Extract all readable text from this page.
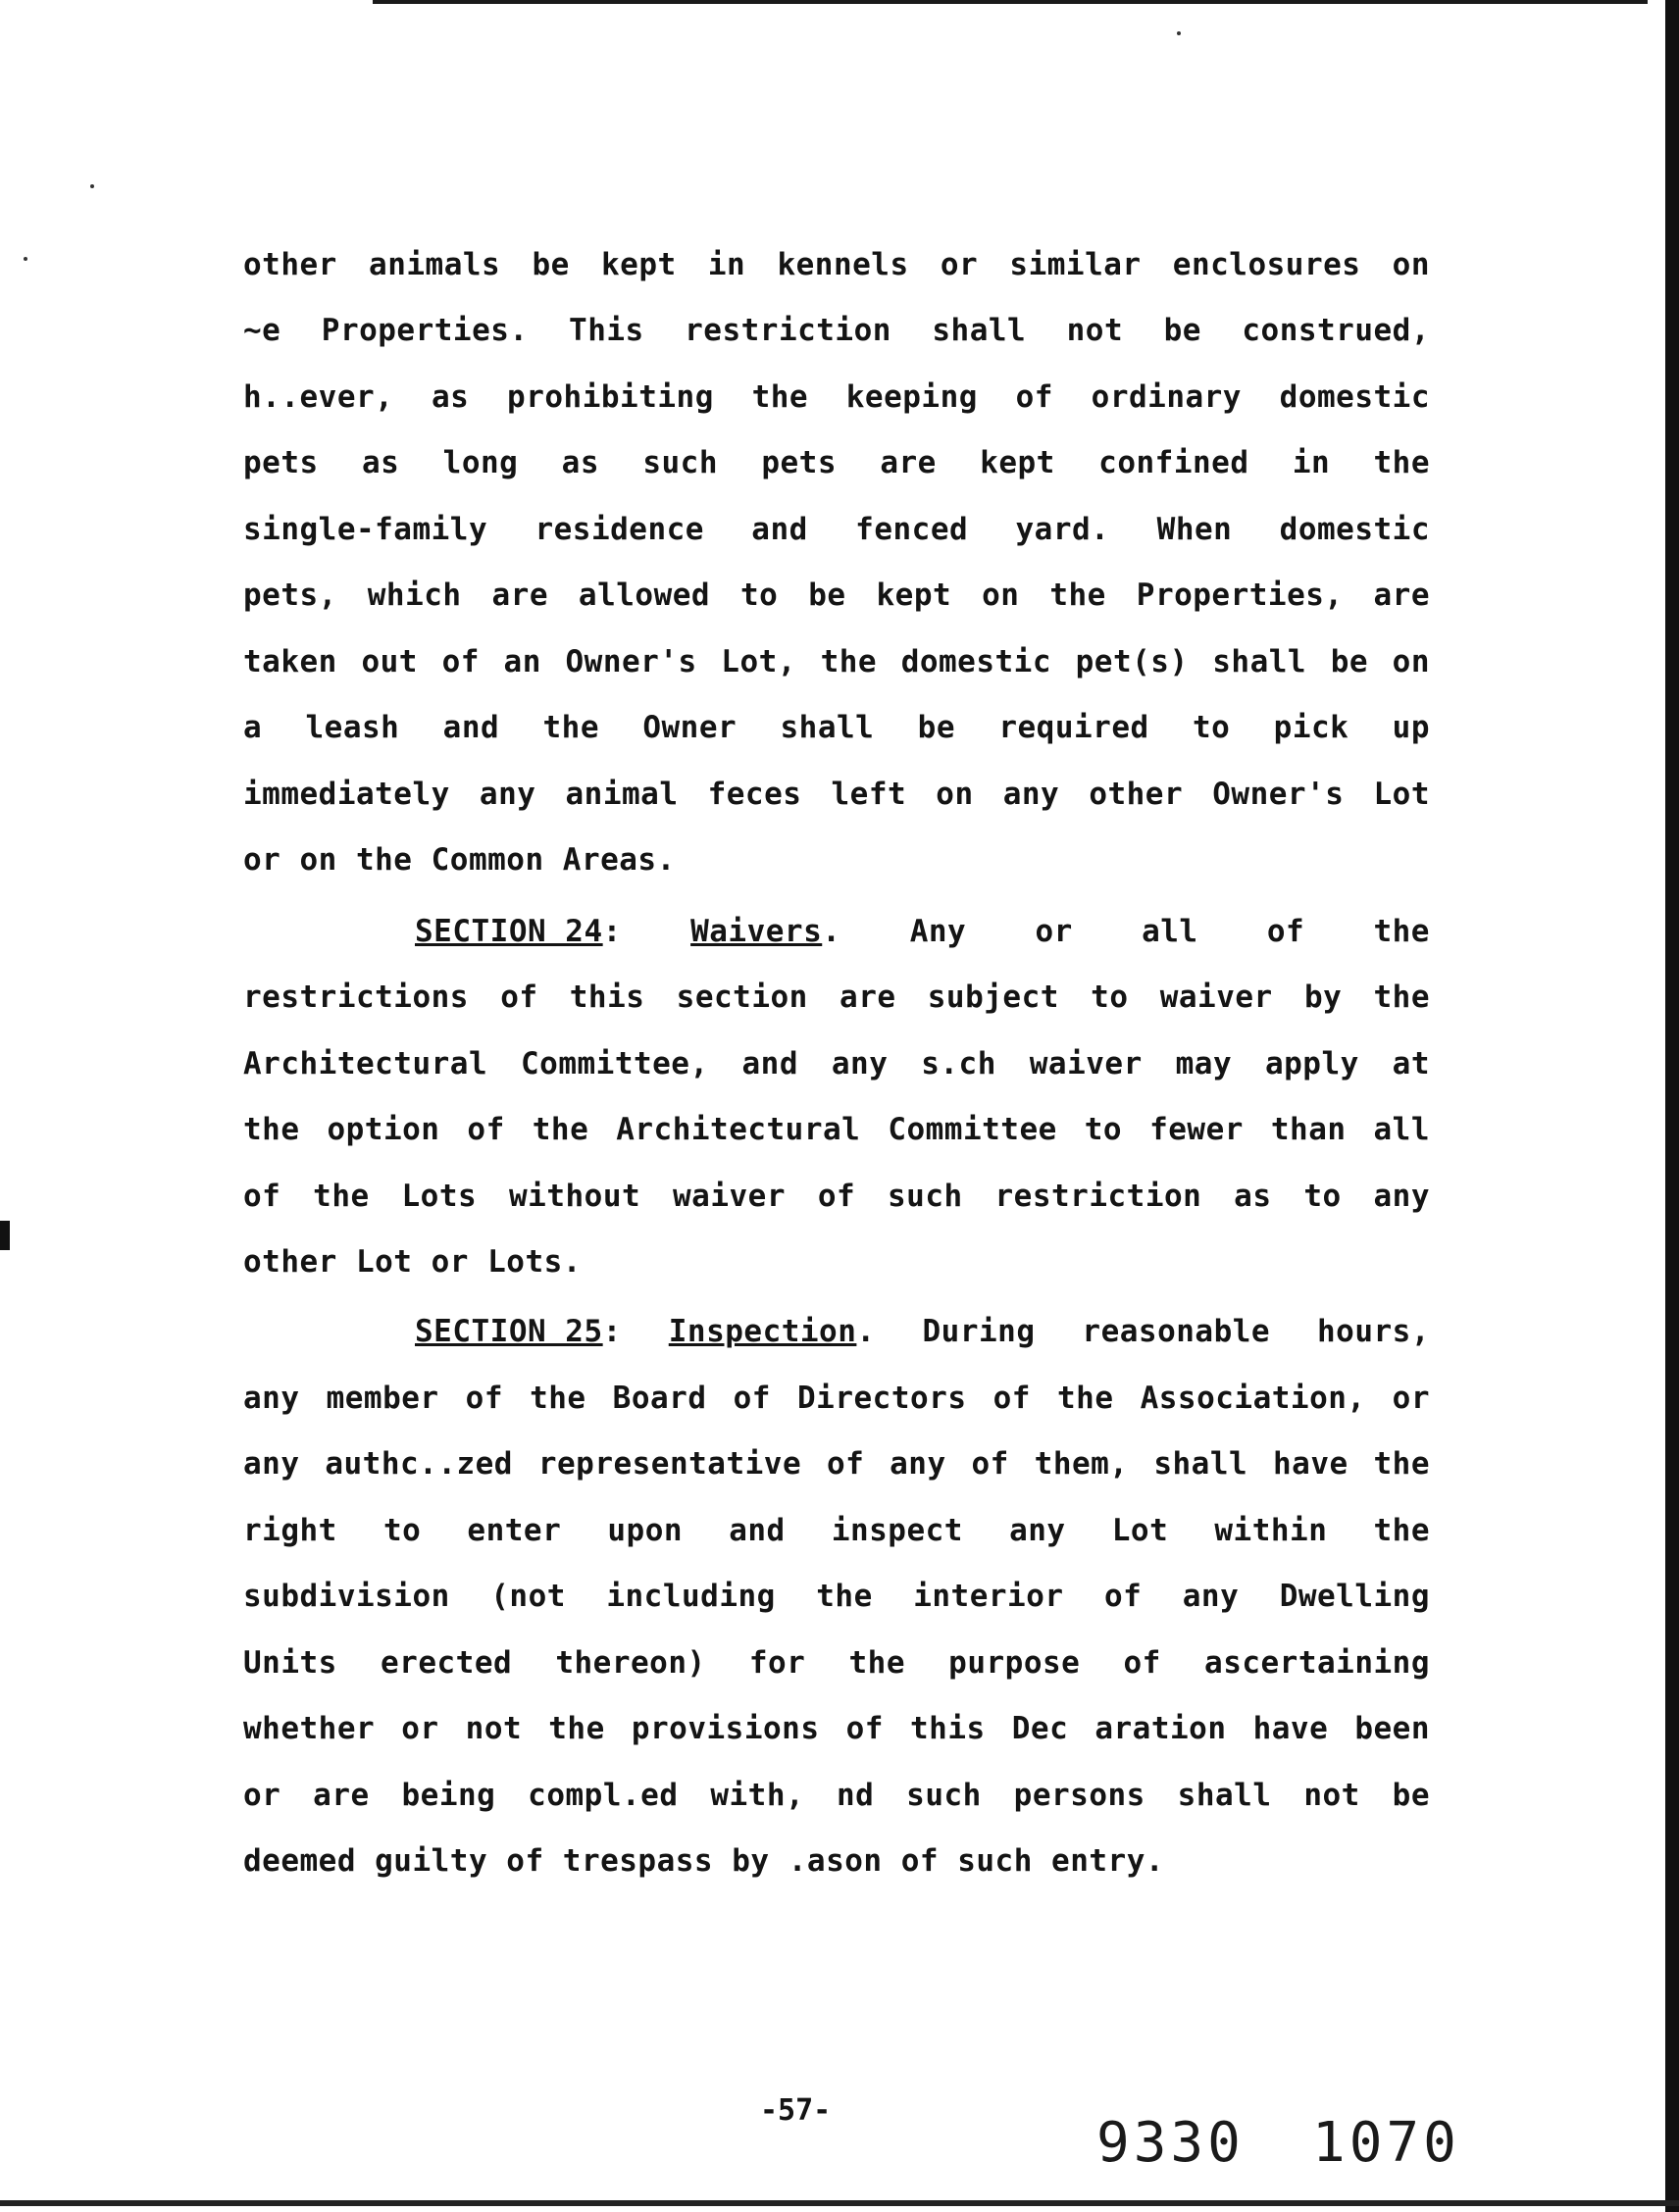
other animals be kept in kennels or similar enclosures on
~e Properties. This restriction shall not be construed,
h..ever, as prohibiting the keeping of ordinary domestic
pets as long as such pets are kept confined in the
single-family residence and fenced yard. When domestic
pets, which are allowed to be kept on the Properties, are
taken out of an Owner's Lot, the domestic pet(s) shall be on
a leash and the Owner shall be required to pick up
immediately any animal feces left on any other Owner's Lot
or on the Common Areas.
SECTION 24: Waivers. Any or all of the
restrictions of this section are subject to waiver by the
Architectural Committee, and any s.ch waiver may apply at
the option of the Architectural Committee to fewer than all
of the Lots without waiver of such restriction as to any
other Lot or Lots.
SECTION 25: Inspection. During reasonable hours,
any member of the Board of Directors of the Association, or
any authc..zed representative of any of them, shall have the
right to enter upon and inspect any Lot within the
subdivision (not including the interior of any Dwelling
Units erected thereon) for the purpose of ascertaining
whether or not the provisions of this Dec aration have been
or are being compl.ed with, nd such persons shall not be
deemed guilty of trespass by .ason of such entry.
-57-
9330 1070
